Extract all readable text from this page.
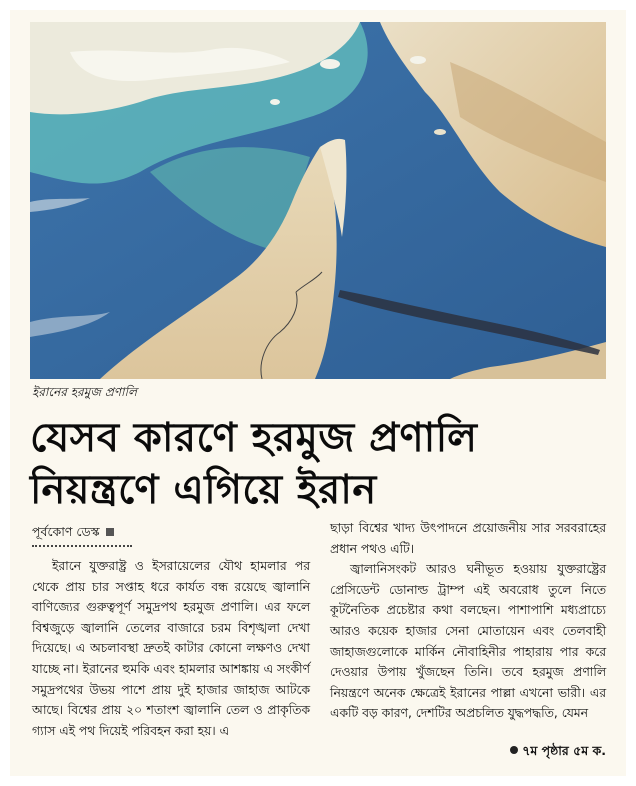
ইরানের হরমুজ প্রণালি
যেসব কারণে হরমুজ প্রণালি
নিয়ন্ত্রণে এগিয়ে ইরান
পূর্বকোণ ডেস্ক

ইরানে যুক্তরাষ্ট্র ও ইসরায়েলের যৌথ হামলার পর থেকে প্রায় চার সপ্তাহ ধরে কার্যত বন্ধ রয়েছে জ্বালানি বাণিজ্যের গুরুত্বপূর্ণ সমুদ্রপথ হরমুজ প্রণালি। এর ফলে বিশ্বজুড়ে জ্বালানি তেলের বাজারে চরম বিশৃঙ্খলা দেখা দিয়েছে। এ অচলাবস্থা দ্রুতই কাটার কোনো লক্ষণও দেখা যাচ্ছে না। ইরানের হুমকি এবং হামলার আশঙ্কায় এ সংকীর্ণ সমুদ্রপথের উভয় পাশে প্রায় দুই হাজার জাহাজ আটকে আছে। বিশ্বের প্রায় ২০ শতাংশ জ্বালানি তেল ও প্রাকৃতিক গ্যাস এই পথ দিয়েই পরিবহন করা হয়। এ

ছাড়া বিশ্বের খাদ্য উৎপাদনে প্রয়োজনীয় সার সরবরাহের প্রধান পথও এটি।

জ্বালানিসংকট আরও ঘনীভূত হওয়ায় যুক্তরাষ্ট্রের প্রেসিডেন্ট ডোনাল্ড ট্রাম্প এই অবরোধ তুলে নিতে কূটনৈতিক প্রচেষ্টার কথা বলছেন। পাশাপাশি মধ্যপ্রাচ্যে আরও কয়েক হাজার সেনা মোতায়েন এবং তেলবাহী জাহাজগুলোকে মার্কিন নৌবাহিনীর পাহারায় পার করে দেওয়ার উপায় খুঁজছেন তিনি। তবে হরমুজ প্রণালি নিয়ন্ত্রণে অনেক ক্ষেত্রেই ইরানের পাল্লা এখনো ভারী। এর একটি বড় কারণ, দেশটির অপ্রচলিত যুদ্ধপদ্ধতি, যেমন

৭ম পৃষ্ঠার ৫ম ক.
